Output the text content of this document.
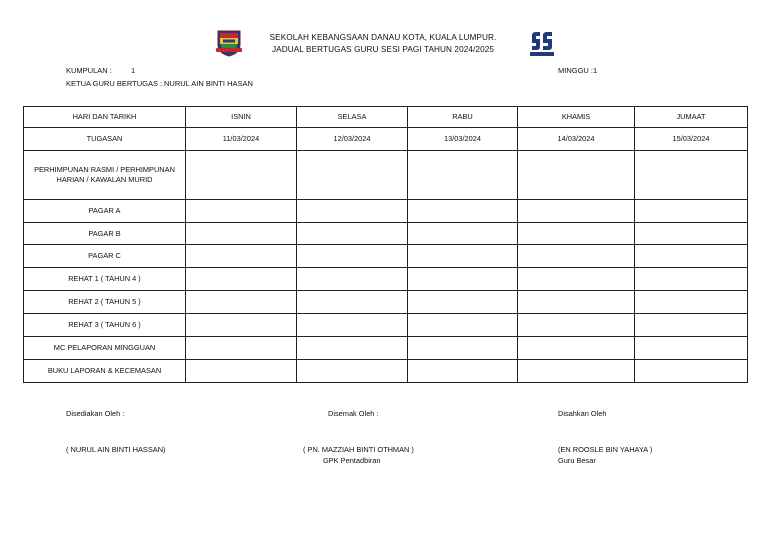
SEKOLAH KEBANGSAAN DANAU KOTA, KUALA LUMPUR.
JADUAL BERTUGAS GURU SESI PAGI TAHUN 2024/2025
KUMPULAN :	1
KETUA GURU BERTUGAS : NURUL AIN BINTI HASAN
MINGGU :1
HARI DAN TARIKH	ISNIN	SELASA	RABU	KHAMIS	JUMAAT
TUGASAN	11/03/2024	12/03/2024	13/03/2024	14/03/2024	15/03/2024
PERHIMPUNAN RASMI / PERHIMPUNAN HARIAN / KAWALAN MURID					
PAGAR A					
PAGAR B					
PAGAR C					
REHAT 1 ( TAHUN 4 )					
REHAT 2 ( TAHUN 5 )					
REHAT 3 ( TAHUN 6 )					
MC PELAPORAN MINGGUAN					
BUKU LAPORAN & KECEMASAN					
Disediakan Oleh :
( NURUL AIN BINTI HASSAN)
Disemak Oleh :
( PN. MAZZIAH BINTI OTHMAN )
GPK Pentadbiran
Disahkan Oleh
(EN ROOSLE BIN YAHAYA )
Guru Besar
